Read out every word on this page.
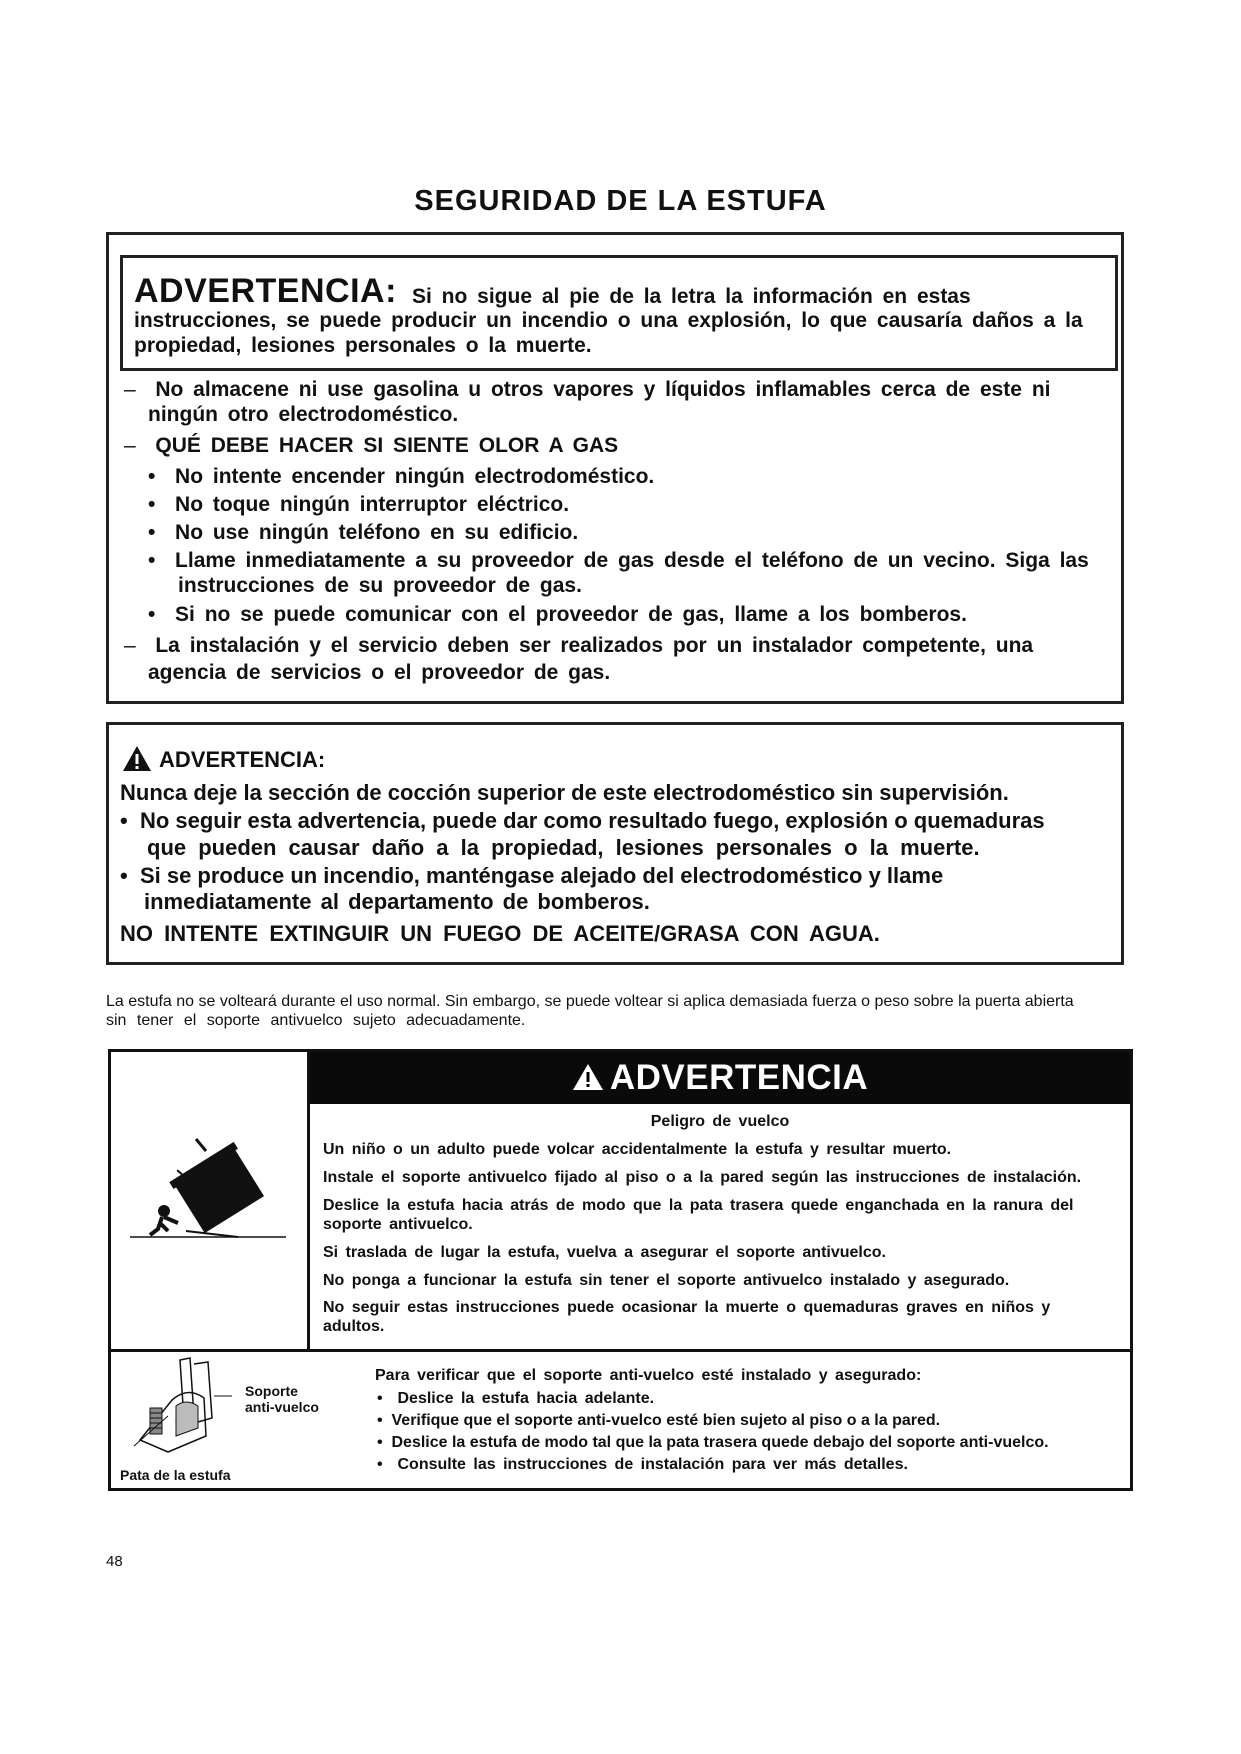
SEGURIDAD DE LA ESTUFA
ADVERTENCIA: Si no sigue al pie de la letra la información en estas
instrucciones, se puede producir un incendio o una explosión, lo que causaría daños a la
propiedad, lesiones personales o la muerte.
– No almacene ni use gasolina u otros vapores y líquidos inflamables cerca de este ni
ningún otro electrodoméstico.
– QUÉ DEBE HACER SI SIENTE OLOR A GAS
•  No intente encender ningún electrodoméstico.
•  No toque ningún interruptor eléctrico.
•  No use ningún teléfono en su edificio.
•  Llame inmediatamente a su proveedor de gas desde el teléfono de un vecino. Siga las
instrucciones de su proveedor de gas.
•  Si no se puede comunicar con el proveedor de gas, llame a los bomberos.
– La instalación y el servicio deben ser realizados por un instalador competente, una
agencia de servicios o el proveedor de gas.
ADVERTENCIA:
Nunca deje la sección de cocción superior de este electrodoméstico sin supervisión.
•  No seguir esta advertencia, puede dar como resultado fuego, explosión o quemaduras
que pueden causar daño a la propiedad, lesiones personales o la muerte.
•  Si se produce un incendio, manténgase alejado del electrodoméstico y llame
inmediatamente al departamento de bomberos.
NO INTENTE EXTINGUIR UN FUEGO DE ACEITE/GRASA CON AGUA.
La estufa no se volteará durante el uso normal. Sin embargo, se puede voltear si aplica demasiada fuerza o peso sobre la puerta abierta
sin tener el soporte antivuelco sujeto adecuadamente.
ADVERTENCIA
Peligro de vuelco
Un niño o un adulto puede volcar accidentalmente la estufa y resultar muerto.
Instale el soporte antivuelco fijado al piso o a la pared según las instrucciones de instalación.
Deslice la estufa hacia atrás de modo que la pata trasera quede enganchada en la ranura del
soporte antivuelco.
Si traslada de lugar la estufa, vuelva a asegurar el soporte antivuelco.
No ponga a funcionar la estufa sin tener el soporte antivuelco instalado y asegurado.
No seguir estas instrucciones puede ocasionar la muerte o quemaduras graves en niños y
adultos.
Soporte
anti-vuelco
Pata de la estufa
Para verificar que el soporte anti-vuelco esté instalado y asegurado:
•  Deslice la estufa hacia adelante.
•  Verifique que el soporte anti-vuelco esté bien sujeto al piso o a la pared.
•  Deslice la estufa de modo tal que la pata trasera quede debajo del soporte anti-vuelco.
•  Consulte las instrucciones de instalación para ver más detalles.
48
